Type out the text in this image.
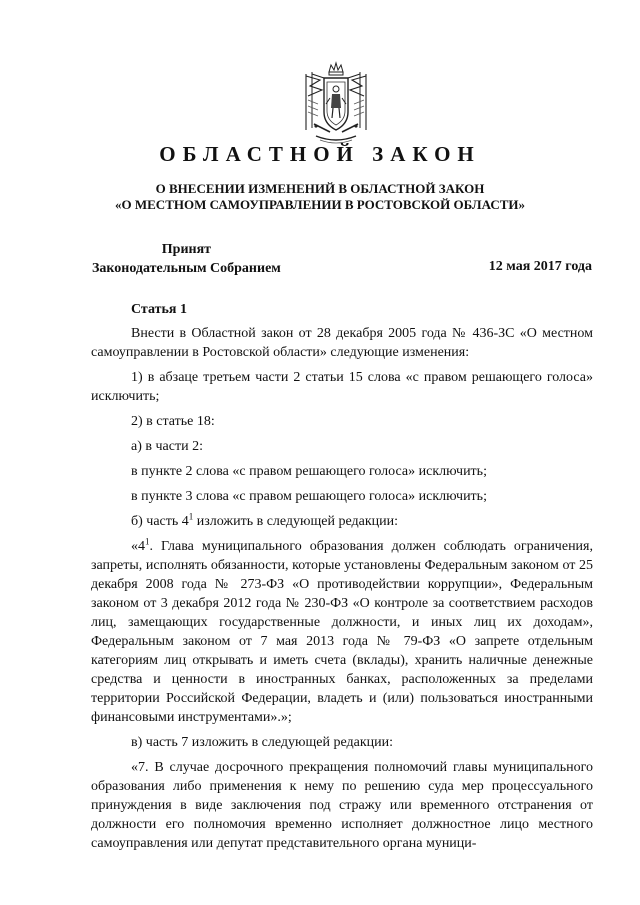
ОБЛАСТНОЙ ЗАКОН
О ВНЕСЕНИИ ИЗМЕНЕНИЙ В ОБЛАСТНОЙ ЗАКОН
«О МЕСТНОМ САМОУПРАВЛЕНИИ В РОСТОВСКОЙ ОБЛАСТИ»
Принят
Законодательным Собранием	12 мая 2017 года
Статья 1

Внести в Областной закон от 28 декабря 2005 года № 436-ЗС «О местном самоуправлении в Ростовской области» следующие изменения:

1) в абзаце третьем части 2 статьи 15 слова «с правом решающего голоса» исключить;

2) в статье 18:

а) в части 2:

в пункте 2 слова «с правом решающего голоса» исключить;

в пункте 3 слова «с правом решающего голоса» исключить;

б) часть $4^1$ изложить в следующей редакции:

«$4^1$. Глава муниципального образования должен соблюдать ограничения, запреты, исполнять обязанности, которые установлены Федеральным законом от 25 декабря 2008 года № 273-ФЗ «О противодействии коррупции», Федеральным законом от 3 декабря 2012 года № 230-ФЗ «О контроле за соответствием расходов лиц, замещающих государственные должности, и иных лиц их доходам», Федеральным законом от 7 мая 2013 года № 79-ФЗ «О запрете отдельным категориям лиц открывать и иметь счета (вклады), хранить наличные денежные средства и ценности в иностранных банках, расположенных за пределами территории Российской Федерации, владеть и (или) пользоваться иностранными финансовыми инструментами».»;

в) часть 7 изложить в следующей редакции:

«7. В случае досрочного прекращения полномочий главы муниципального образования либо применения к нему по решению суда мер процессуального принуждения в виде заключения под стражу или временного отстранения от должности его полномочия временно исполняет должностное лицо местного самоуправления или депутат представительного органа муници-
